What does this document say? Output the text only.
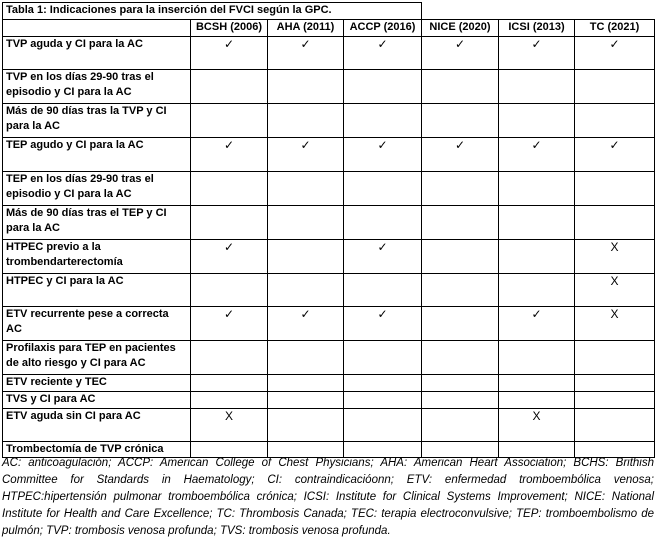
Tabla 1: Indicaciones para la inserción del FVCI según la GPC.						
	BCSH (2006)	AHA (2011)	ACCP (2016)	NICE (2020)	ICSI (2013)	TC (2021)
TVP aguda y CI para la AC	✓	✓	✓	✓	✓	✓
TVP en los días 29-90 tras el episodio y CI para la AC						
Más de 90 días tras la TVP y CI para la AC						
TEP agudo y CI para la AC	✓	✓	✓	✓	✓	✓
TEP en los días 29-90 tras el episodio y CI para la AC						
Más de 90 días tras el TEP y CI para la AC						
HTPEC previo a la trombendarterectomía	✓		✓			X
HTPEC y CI para la AC						X
ETV recurrente pese a correcta AC	✓	✓	✓		✓	X
Profilaxis para TEP en pacientes de alto riesgo y CI para AC						
ETV reciente y TEC						
TVS y CI para AC						
ETV aguda sin CI para AC	X				X	
Trombectomía de TVP crónica						
AC: anticoagulación; ACCP: American College of Chest Physicians; AHA: American Heart Association; BCHS: Brithish Committee for Standards in Haematology; CI: contraindicacióonn; ETV: enfermedad tromboembólica venosa; HTPEC:hipertensión pulmonar tromboembólica crónica; ICSI: Institute for Clinical Systems Improvement; NICE: National Institute for Health and Care Excellence; TC: Thrombosis Canada; TEC: terapia electroconvulsive; TEP: tromboembolismo de pulmón; TVP: trombosis venosa profunda; TVS: trombosis venosa profunda.
